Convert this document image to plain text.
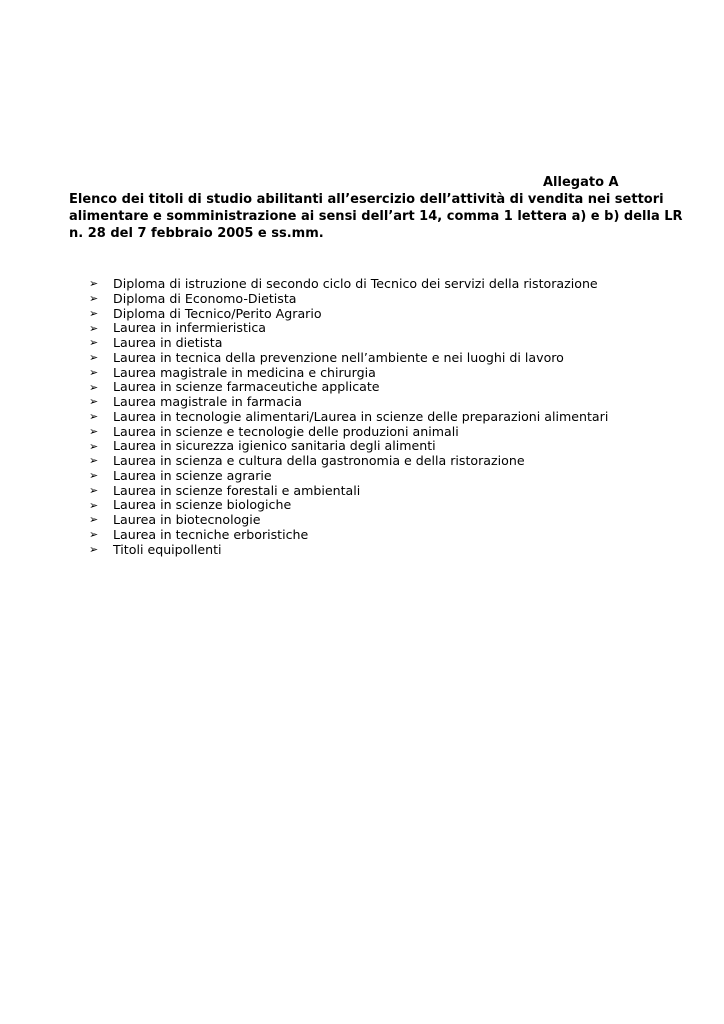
Allegato A
Elenco dei titoli di studio abilitanti all’esercizio dell’attività di vendita nei settori
alimentare e somministrazione ai sensi dell’art 14, comma 1 lettera a) e b) della LR
n. 28 del 7 febbraio 2005 e ss.mm.
➢	Diploma di istruzione di secondo ciclo di Tecnico dei servizi della ristorazione
➢	Diploma di Economo-Dietista
➢	Diploma di Tecnico/Perito Agrario
➢	Laurea in infermieristica
➢	Laurea in dietista
➢	Laurea in tecnica della prevenzione nell’ambiente e nei luoghi di lavoro
➢	Laurea magistrale in medicina e chirurgia
➢	Laurea in scienze farmaceutiche applicate
➢	Laurea magistrale in farmacia
➢	Laurea in tecnologie alimentari/Laurea in scienze delle preparazioni alimentari
➢	Laurea in scienze e tecnologie delle produzioni animali
➢	Laurea in sicurezza igienico sanitaria degli alimenti
➢	Laurea in scienza e cultura della gastronomia e della ristorazione
➢	Laurea in scienze agrarie
➢	Laurea in scienze forestali e ambientali
➢	Laurea in scienze biologiche
➢	Laurea in biotecnologie
➢	Laurea in tecniche erboristiche
➢	Titoli equipollenti
